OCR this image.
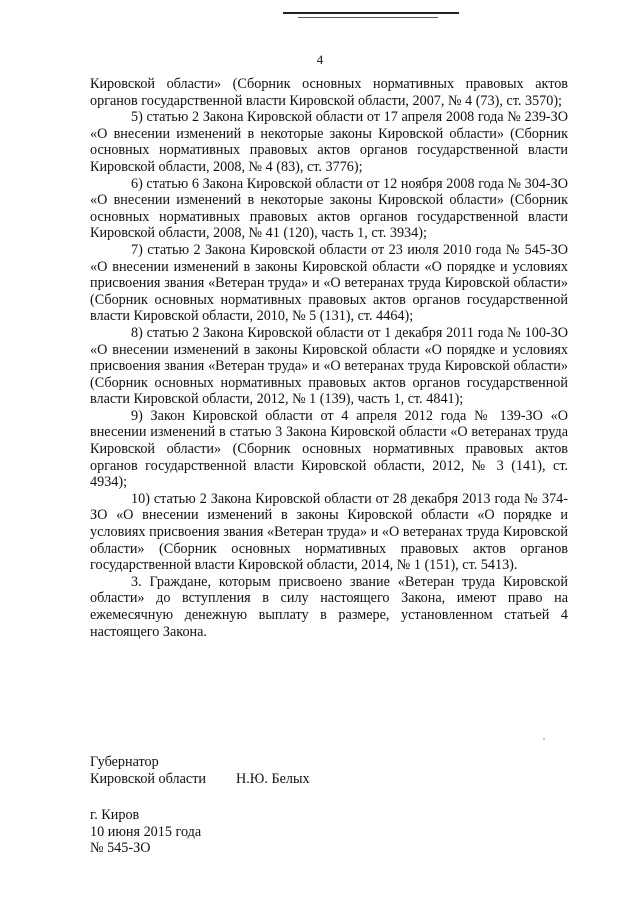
4

Кировской области» (Сборник основных нормативных правовых актов органов государственной власти Кировской области, 2007, № 4 (73), ст. 3570);

5) статью 2 Закона Кировской области от 17 апреля 2008 года № 239-ЗО «О внесении изменений в некоторые законы Кировской области» (Сборник основных нормативных правовых актов органов государственной власти Кировской области, 2008, № 4 (83), ст. 3776);

6) статью 6 Закона Кировской области от 12 ноября 2008 года № 304-ЗО «О внесении изменений в некоторые законы Кировской области» (Сборник основных нормативных правовых актов органов государственной власти Кировской области, 2008, № 41 (120), часть 1, ст. 3934);

7) статью 2 Закона Кировской области от 23 июля 2010 года № 545-ЗО «О внесении изменений в законы Кировской области «О порядке и условиях присвоения звания «Ветеран труда» и «О ветеранах труда Кировской области» (Сборник основных нормативных правовых актов органов государственной власти Кировской области, 2010, № 5 (131), ст. 4464);

8) статью 2 Закона Кировской области от 1 декабря 2011 года № 100-ЗО «О внесении изменений в законы Кировской области «О порядке и условиях присвоения звания «Ветеран труда» и «О ветеранах труда Кировской области» (Сборник основных нормативных правовых актов органов государственной власти Кировской области, 2012, № 1 (139), часть 1, ст. 4841);

9) Закон Кировской области от 4 апреля 2012 года № 139-ЗО «О внесении изменений в статью 3 Закона Кировской области «О ветеранах труда Кировской области» (Сборник основных нормативных правовых актов органов государственной власти Кировской области, 2012, № 3 (141), ст. 4934);

10) статью 2 Закона Кировской области от 28 декабря 2013 года № 374-ЗО «О внесении изменений в законы Кировской области «О порядке и условиях присвоения звания «Ветеран труда» и «О ветеранах труда Кировской области» (Сборник основных нормативных правовых актов органов государственной власти Кировской области, 2014, № 1 (151), ст. 5413).

3. Граждане, которым присвоено звание «Ветеран труда Кировской области» до вступления в силу настоящего Закона, имеют право на ежемесячную денежную выплату в размере, установленном статьей 4 настоящего Закона.

Губернатор
Кировской области	Н.Ю. Белых
г. Киров
10 июня 2015 года
№ 545-ЗО
